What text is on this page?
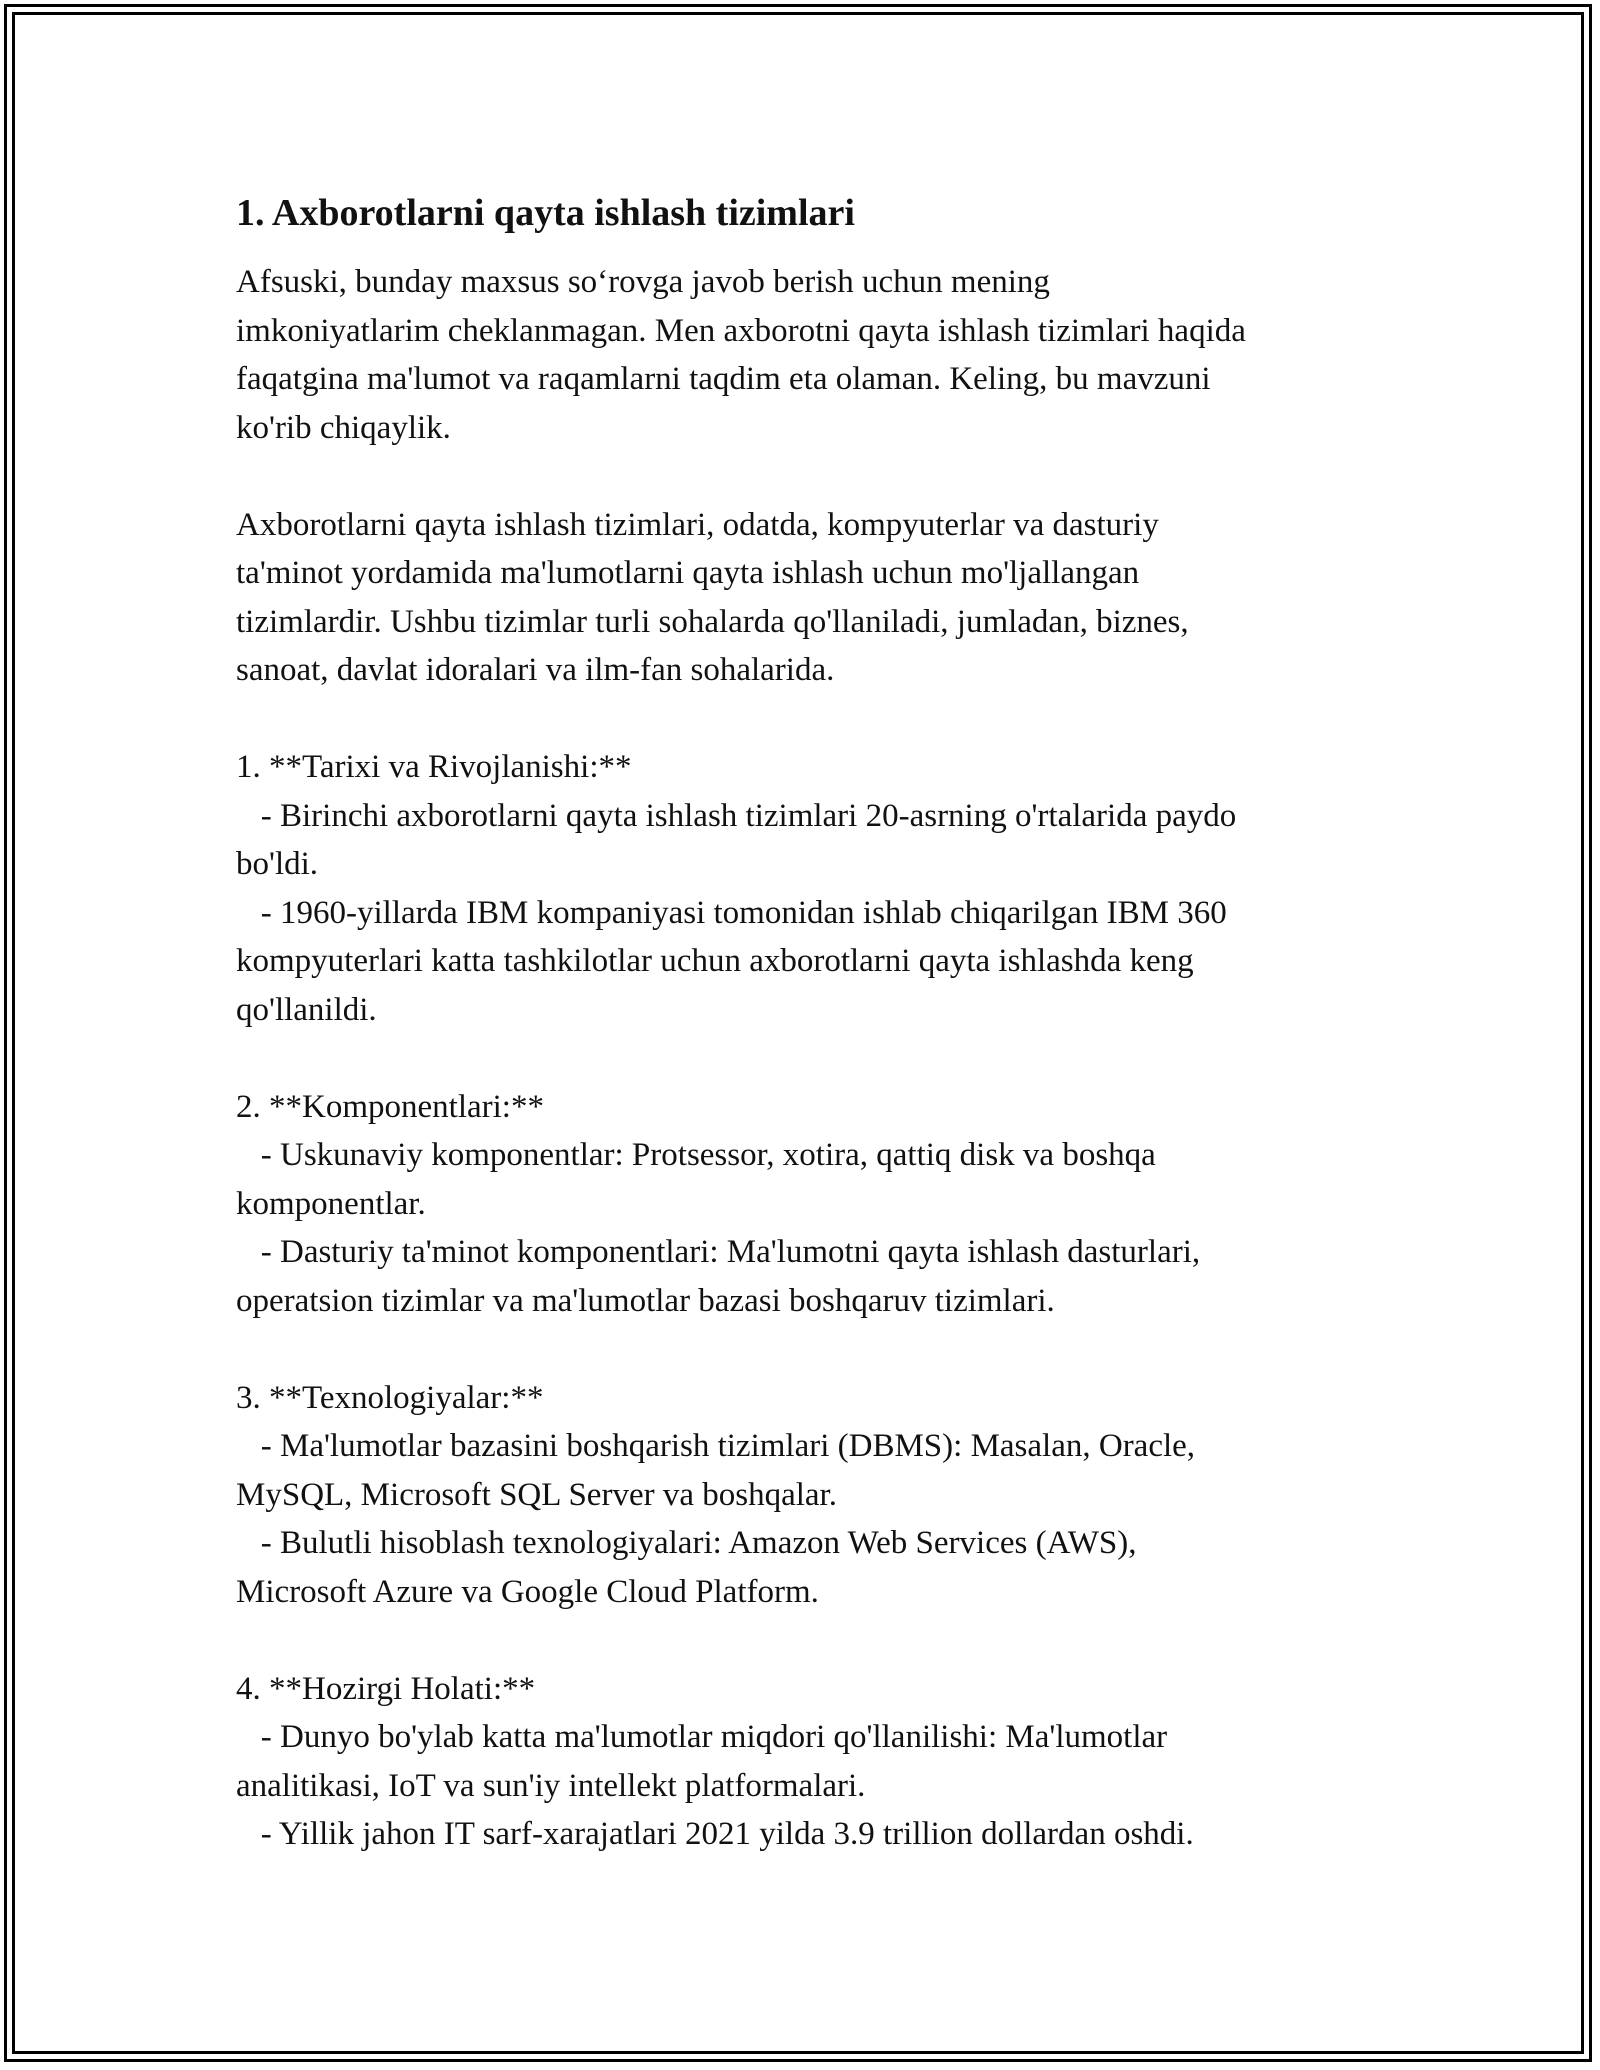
1. Axborotlarni qayta ishlash tizimlari
Afsuski, bunday maxsus so‘rovga javob berish uchun mening
imkoniyatlarim cheklanmagan. Men axborotni qayta ishlash tizimlari haqida
faqatgina ma'lumot va raqamlarni taqdim eta olaman. Keling, bu mavzuni
ko'rib chiqaylik.

Axborotlarni qayta ishlash tizimlari, odatda, kompyuterlar va dasturiy
ta'minot yordamida ma'lumotlarni qayta ishlash uchun mo'ljallangan
tizimlardir. Ushbu tizimlar turli sohalarda qo'llaniladi, jumladan, biznes,
sanoat, davlat idoralari va ilm-fan sohalarida.

1. **Tarixi va Rivojlanishi:**
- Birinchi axborotlarni qayta ishlash tizimlari 20-asrning o'rtalarida paydo
bo'ldi.
- 1960-yillarda IBM kompaniyasi tomonidan ishlab chiqarilgan IBM 360
kompyuterlari katta tashkilotlar uchun axborotlarni qayta ishlashda keng
qo'llanildi.

2. **Komponentlari:**
- Uskunaviy komponentlar: Protsessor, xotira, qattiq disk va boshqa
komponentlar.
- Dasturiy ta'minot komponentlari: Ma'lumotni qayta ishlash dasturlari,
operatsion tizimlar va ma'lumotlar bazasi boshqaruv tizimlari.

3. **Texnologiyalar:**
- Ma'lumotlar bazasini boshqarish tizimlari (DBMS): Masalan, Oracle,
MySQL, Microsoft SQL Server va boshqalar.
- Bulutli hisoblash texnologiyalari: Amazon Web Services (AWS),
Microsoft Azure va Google Cloud Platform.

4. **Hozirgi Holati:**
- Dunyo bo'ylab katta ma'lumotlar miqdori qo'llanilishi: Ma'lumotlar
analitikasi, IoT va sun'iy intellekt platformalari.
- Yillik jahon IT sarf-xarajatlari 2021 yilda 3.9 trillion dollardan oshdi.
